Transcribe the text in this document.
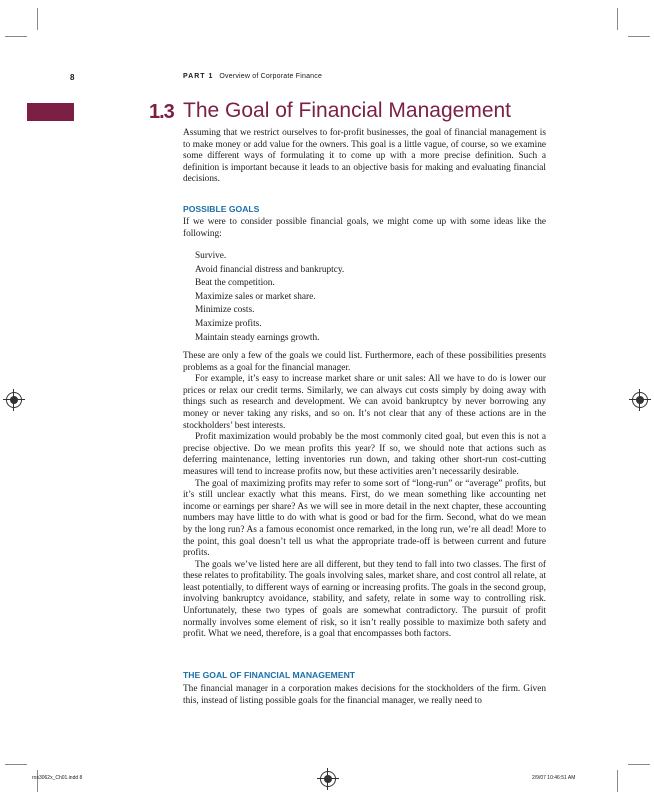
8	PART 1 Overview of Corporate Finance
1.3 The Goal of Financial Management

Assuming that we restrict ourselves to for-profit businesses, the goal of financial management is to make money or add value for the owners. This goal is a little vague, of course, so we examine some different ways of formulating it to come up with a more precise definition. Such a definition is important because it leads to an objective basis for making and evaluating financial decisions.

POSSIBLE GOALS

If we were to consider possible financial goals, we might come up with some ideas like the following:

Survive.
Avoid financial distress and bankruptcy.
Beat the competition.
Maximize sales or market share.
Minimize costs.
Maximize profits.
Maintain steady earnings growth.

These are only a few of the goals we could list. Furthermore, each of these possibilities presents problems as a goal for the financial manager.

For example, it’s easy to increase market share or unit sales: All we have to do is lower our prices or relax our credit terms. Similarly, we can always cut costs simply by doing away with things such as research and development. We can avoid bankruptcy by never borrowing any money or never taking any risks, and so on. It’s not clear that any of these actions are in the stockholders’ best interests.

Profit maximization would probably be the most commonly cited goal, but even this is not a precise objective. Do we mean profits this year? If so, we should note that actions such as deferring maintenance, letting inventories run down, and taking other short-run cost-cutting measures will tend to increase profits now, but these activities aren’t necessarily desirable.

The goal of maximizing profits may refer to some sort of “long-run” or “average” profits, but it’s still unclear exactly what this means. First, do we mean something like accounting net income or earnings per share? As we will see in more detail in the next chapter, these accounting numbers may have little to do with what is good or bad for the firm. Second, what do we mean by the long run? As a famous economist once remarked, in the long run, we’re all dead! More to the point, this goal doesn’t tell us what the appropriate trade-off is between current and future profits.

The goals we’ve listed here are all different, but they tend to fall into two classes. The first of these relates to profitability. The goals involving sales, market share, and cost control all relate, at least potentially, to different ways of earning or increasing profits. The goals in the second group, involving bankruptcy avoidance, stability, and safety, relate in some way to controlling risk. Unfortunately, these two types of goals are somewhat contradictory. The pursuit of profit normally involves some element of risk, so it isn’t really possible to maximize both safety and profit. What we need, therefore, is a goal that encompasses both factors.

THE GOAL OF FINANCIAL MANAGEMENT

The financial manager in a corporation makes decisions for the stockholders of the firm. Given this, instead of listing possible goals for the financial manager, we really need to

ros3062x_Ch01.indd 8	2/9/07 10:46:51 AM
